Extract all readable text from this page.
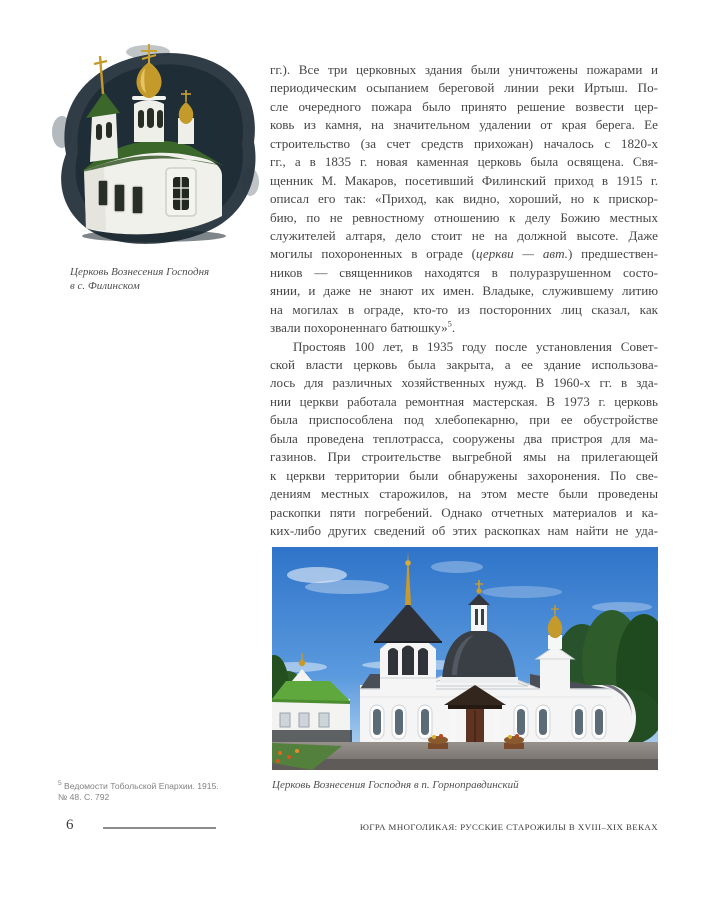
Церковь Вознесения Господня
в с. Филинском
гг.). Все три церковных здания были уничтожены пожарами и
периодическим осыпанием береговой линии реки Иртыш. По-
сле очередного пожара было принято решение возвести цер-
ковь из камня, на значительном удалении от края берега. Ее
строительство (за счет средств прихожан) началось с 1820-х
гг., а в 1835 г. новая каменная церковь была освящена. Свя-
щенник М. Макаров, посетивший Филинский приход в 1915 г.
описал его так: «Приход, как видно, хороший, но к прискор-
бию, по не ревностному отношению к делу Божию местных
служителей алтаря, дело стоит не на должной высоте. Даже
могилы похороненных в ограде (церкви — авт.) предшествен-
ников — священников находятся в полуразрушенном состо-
янии, и даже не знают их имен. Владыке, служившему литию
на могилах в ограде, кто-то из посторонних лиц сказал, как
звали похороненнаго батюшку»$^5$.
Простояв 100 лет, в 1935 году после установления Совет-
ской власти церковь была закрыта, а ее здание использова-
лось для различных хозяйственных нужд. В 1960-х гг. в зда-
нии церкви работала ремонтная мастерская. В 1973 г. церковь
была приспособлена под хлебопекарню, при ее обустройстве
была проведена теплотрасса, сооружены два пристроя для ма-
газинов. При строительстве выгребной ямы на прилегающей
к церкви территории были обнаружены захоронения. По све-
дениям местных старожилов, на этом месте были проведены
раскопки пяти погребений. Однако отчетных материалов и ка-
ких-либо других сведений об этих раскопках нам найти не уда-
Церковь Вознесения Господня в п. Горноправдинский
$^5$ Ведомости Тобольской Епархии. 1915.
№ 48. С. 792
6	ЮГРА МНОГОЛИКАЯ: РУССКИЕ СТАРОЖИЛЫ В XVIII–XIX ВЕКАХ
